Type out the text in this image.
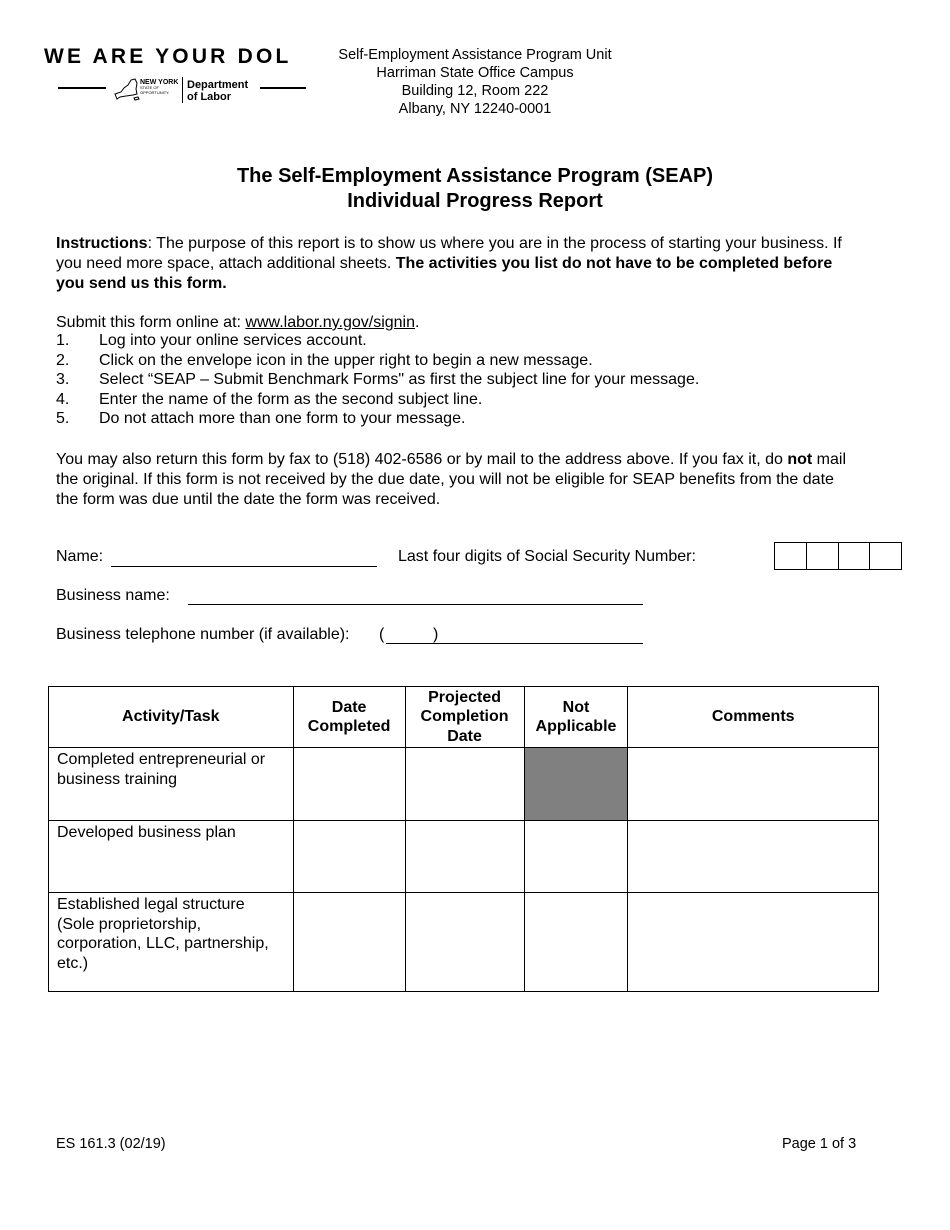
WE ARE YOUR DOL
NEW YORK
STATE OF
OPPORTUNITY.
Department
of Labor
Self-Employment Assistance Program Unit
Harriman State Office Campus
Building 12, Room 222
Albany, NY 12240-0001
The Self-Employment Assistance Program (SEAP)
Individual Progress Report
Instructions: The purpose of this report is to show us where you are in the process of starting your business. If you need more space, attach additional sheets. The activities you list do not have to be completed before you send us this form.
Submit this form online at: www.labor.ny.gov/signin.
1.	Log into your online services account.
2.	Click on the envelope icon in the upper right to begin a new message.
3.	Select “SEAP – Submit Benchmark Forms" as first the subject line for your message.
4.	Enter the name of the form as the second subject line.
5.	Do not attach more than one form to your message.
You may also return this form by fax to (518) 402-6586 or by mail to the address above. If you fax it, do not mail the original. If this form is not received by the due date, you will not be eligible for SEAP benefits from the date the form was due until the date the form was received.
Name:	Last four digits of Social Security Number:
Business name:
Business telephone number (if available): (	)
Activity/Task	Date Completed	Projected Completion Date	Not Applicable	Comments
Completed entrepreneurial or business training				
Developed business plan				
Established legal structure (Sole proprietorship, corporation, LLC, partnership, etc.)				
ES 161.3 (02/19)	Page 1 of 3
